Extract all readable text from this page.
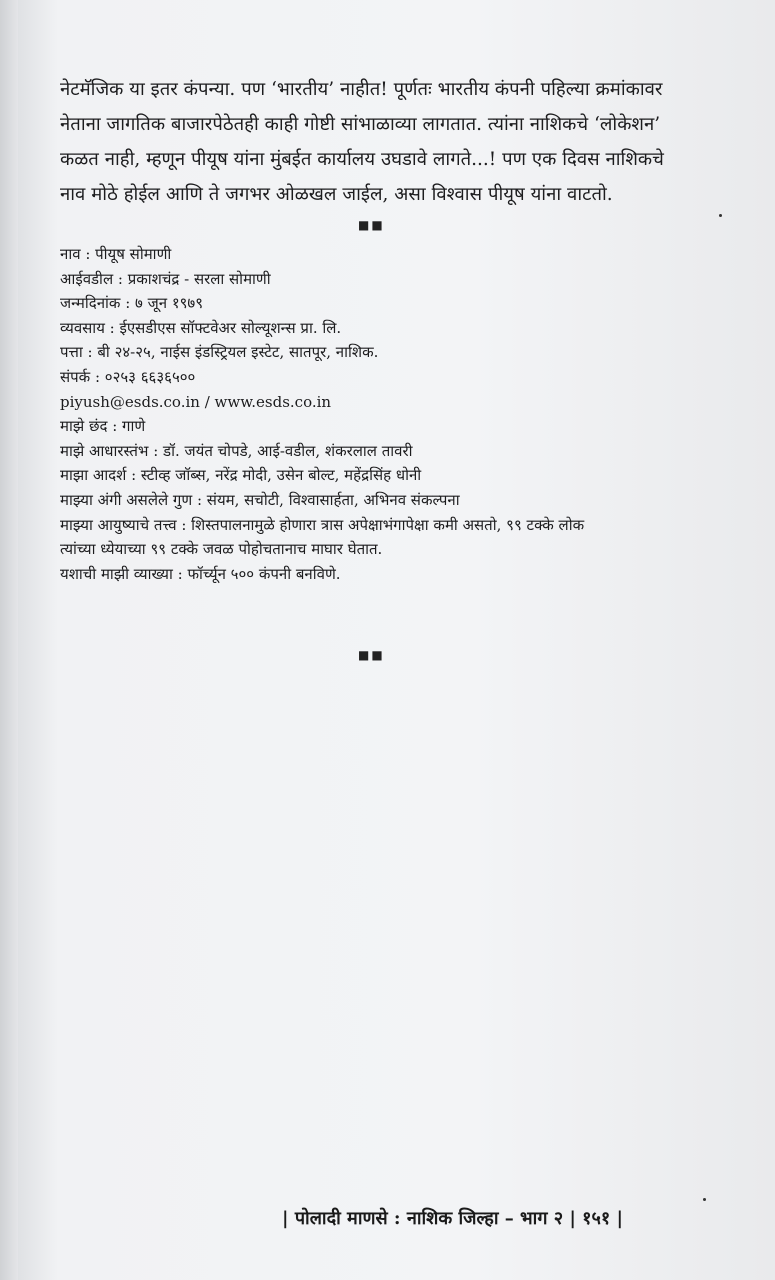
नेटमॅजिक या इतर कंपन्या. पण ‘भारतीय’ नाहीत! पूर्णतः भारतीय कंपनी पहिल्या क्रमांकावर
नेताना जागतिक बाजारपेठेतही काही गोष्टी सांभाळाव्या लागतात. त्यांना नाशिकचे ‘लोकेशन’
कळत नाही, म्हणून पीयूष यांना मुंबईत कार्यालय उघडावे लागते...! पण एक दिवस नाशिकचे
नाव मोठे होईल आणि ते जगभर ओळखल जाईल, असा विश्वास पीयूष यांना वाटतो.
■■
नाव : पीयूष सोमाणी
आईवडील : प्रकाशचंद्र - सरला सोमाणी
जन्मदिनांक : ७ जून १९७९
व्यवसाय : ईएसडीएस सॉफ्टवेअर सोल्यूशन्स प्रा. लि.
पत्ता : बी २४-२५, नाईस इंडस्ट्रियल इस्टेट, सातपूर, नाशिक.
संपर्क : ०२५३ ६६३६५००
piyush@esds.co.in / www.esds.co.in
माझे छंद : गाणे
माझे आधारस्तंभ : डॉ. जयंत चोपडे, आई-वडील, शंकरलाल तावरी
माझा आदर्श : स्टीव्ह जॉब्स, नरेंद्र मोदी, उसेन बोल्ट, महेंद्रसिंह धोनी
माझ्या अंगी असलेले गुण : संयम, सचोटी, विश्वासार्हता, अभिनव संकल्पना
माझ्या आयुष्याचे तत्त्व : शिस्तपालनामुळे होणारा त्रास अपेक्षाभंगापेक्षा कमी असतो, ९९ टक्के लोक
त्यांच्या ध्येयाच्या ९९ टक्के जवळ पोहोचतानाच माघार घेतात.
यशाची माझी व्याख्या : फॉर्च्यून ५०० कंपनी बनविणे.
■■
| पोलादी माणसे : नाशिक जिल्हा – भाग २ | १५१ |
